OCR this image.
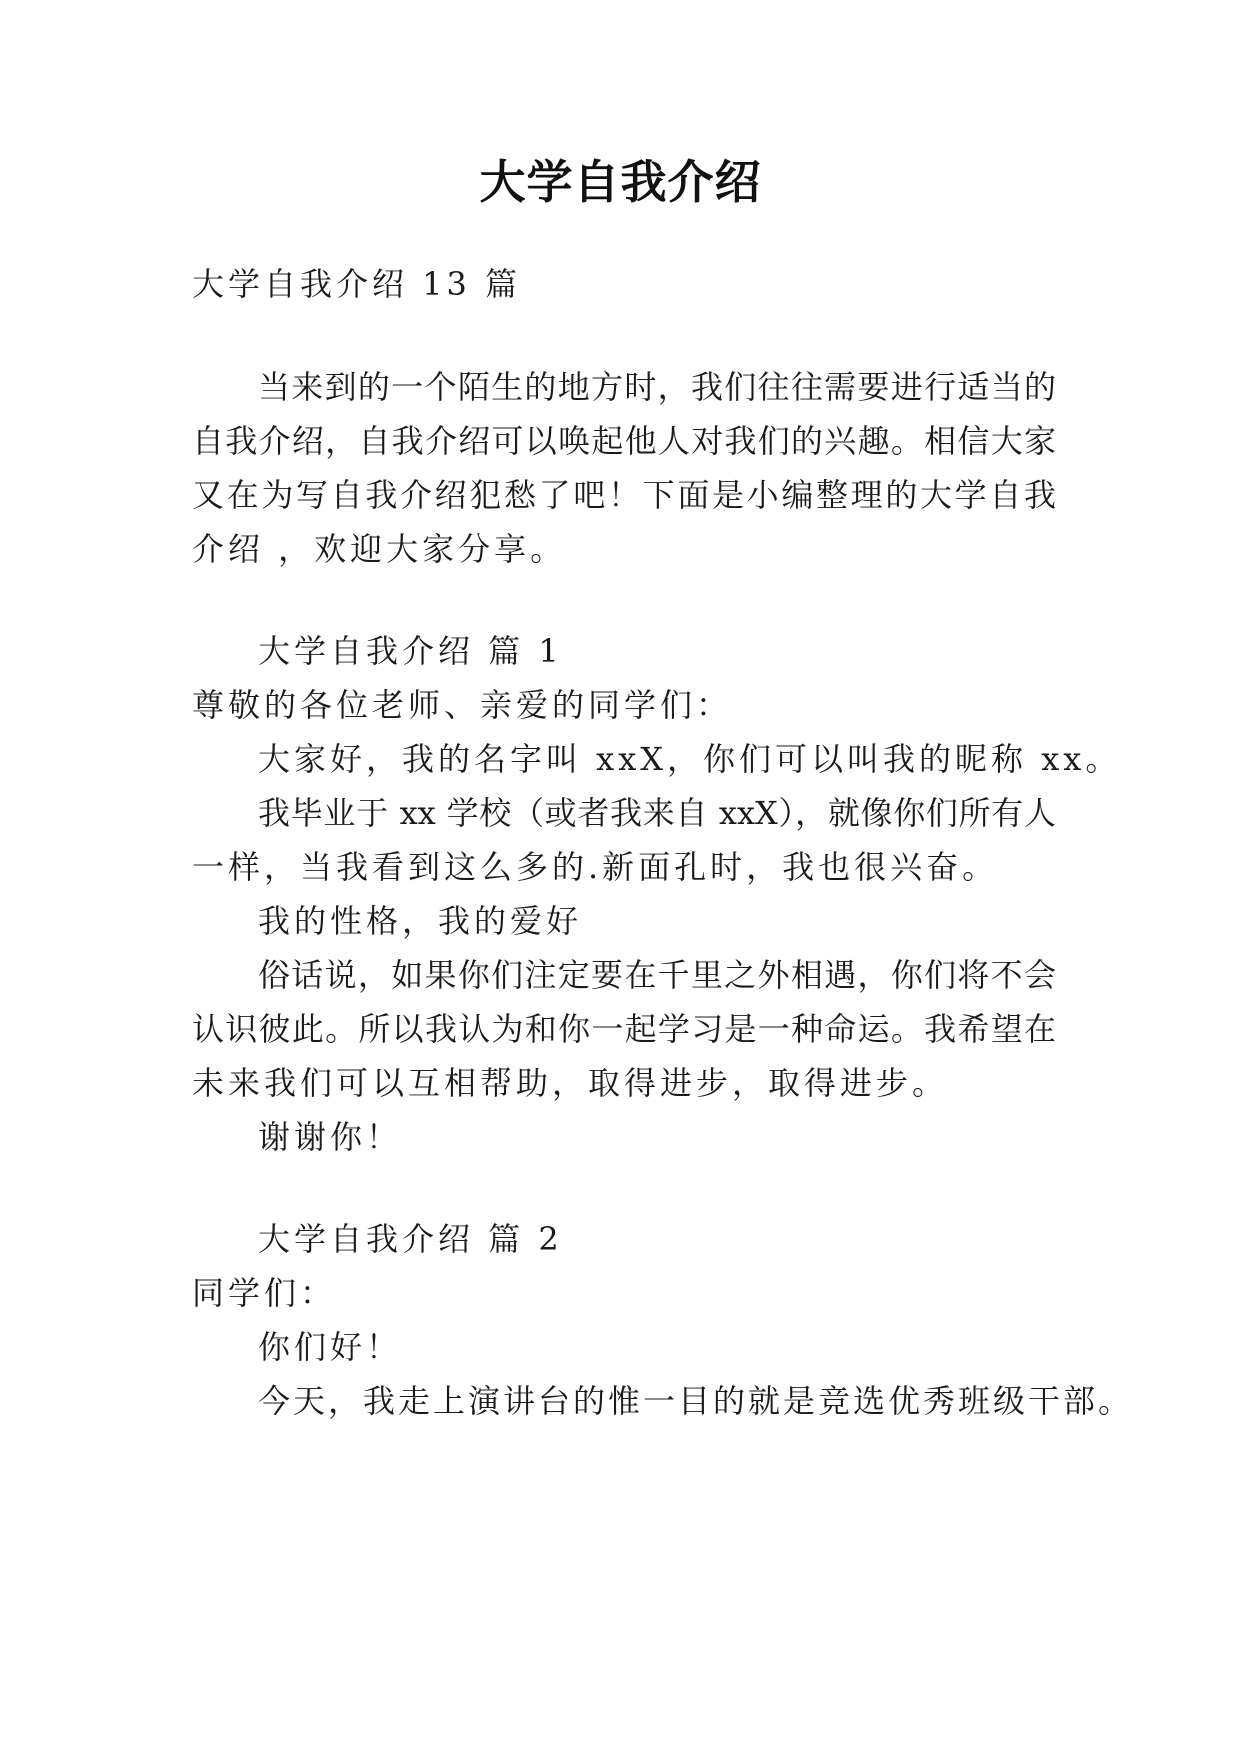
大学自我介绍
大学自我介绍 13 篇
当来到的一个陌生的地方时，我们往往需要进行适当的
自我介绍，自我介绍可以唤起他人对我们的兴趣。相信大家
又在为写自我介绍犯愁了吧！下面是小编整理的大学自我
介绍 ，欢迎大家分享。
大学自我介绍 篇 1
尊敬的各位老师、亲爱的同学们：
大家好，我的名字叫 xxX，你们可以叫我的昵称 xx。
我毕业于 xx 学校（或者我来自 xxX），就像你们所有人
一样，当我看到这么多的.新面孔时，我也很兴奋。
我的性格，我的爱好
俗话说，如果你们注定要在千里之外相遇，你们将不会
认识彼此。所以我认为和你一起学习是一种命运。我希望在
未来我们可以互相帮助，取得进步，取得进步。
谢谢你！
大学自我介绍 篇 2
同学们：
你们好！
今天，我走上演讲台的惟一目的就是竞选优秀班级干部。
